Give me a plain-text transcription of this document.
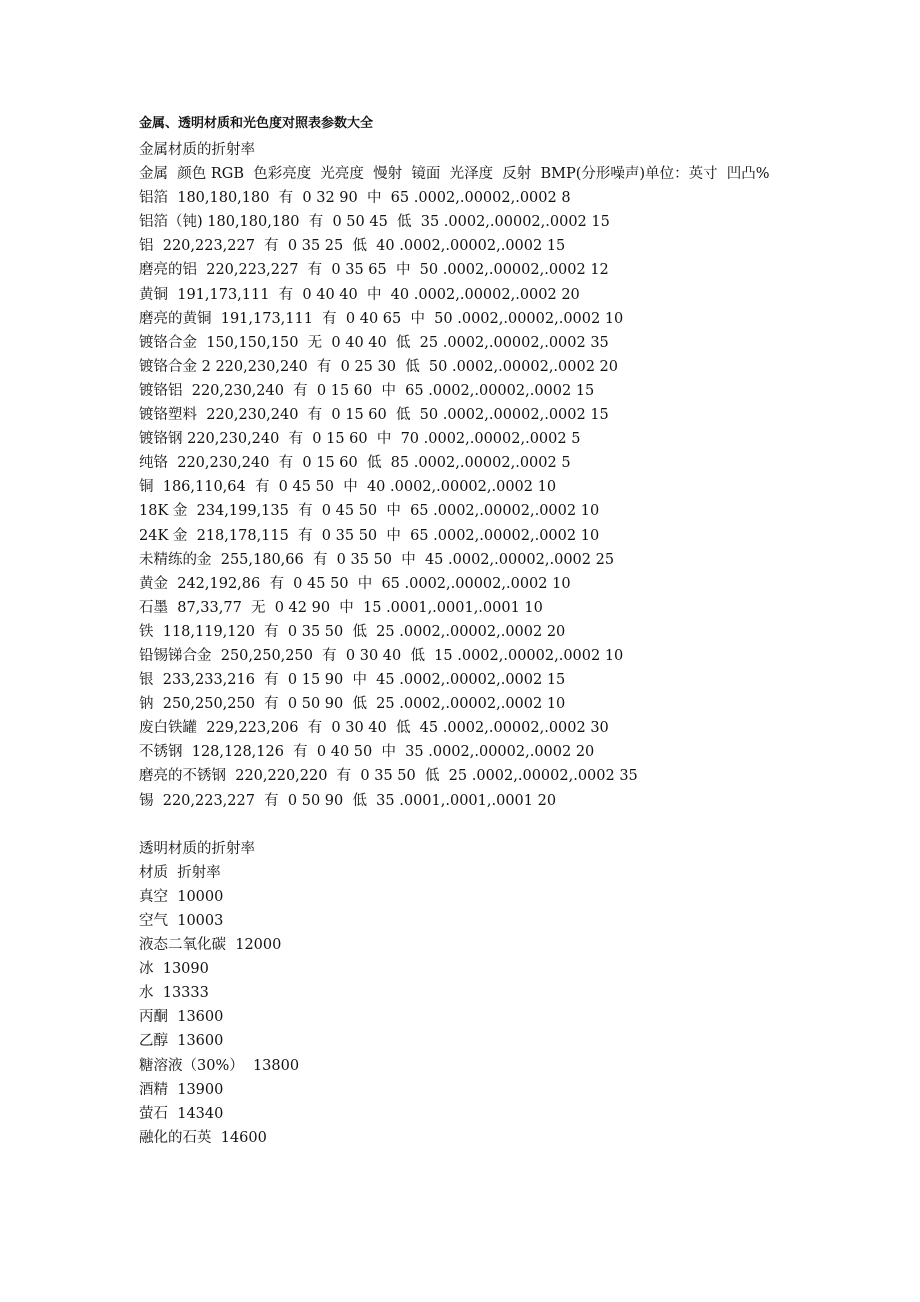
金属、透明材质和光色度对照表参数大全
金属材质的折射率
金属  颜色 RGB  色彩亮度  光亮度  慢射  镜面  光泽度  反射  BMP(分形噪声)单位：英寸  凹凸%
铝箔  180,180,180  有  0 32 90  中  65 .0002,.00002,.0002 8
铝箔（钝) 180,180,180  有  0 50 45  低  35 .0002,.00002,.0002 15
铝  220,223,227  有  0 35 25  低  40 .0002,.00002,.0002 15
磨亮的铝  220,223,227  有  0 35 65  中  50 .0002,.00002,.0002 12
黄铜  191,173,111  有  0 40 40  中  40 .0002,.00002,.0002 20
磨亮的黄铜  191,173,111  有  0 40 65  中  50 .0002,.00002,.0002 10
镀铬合金  150,150,150  无  0 40 40  低  25 .0002,.00002,.0002 35
镀铬合金 2 220,230,240  有  0 25 30  低  50 .0002,.00002,.0002 20
镀铬铝  220,230,240  有  0 15 60  中  65 .0002,.00002,.0002 15
镀铬塑料  220,230,240  有  0 15 60  低  50 .0002,.00002,.0002 15
镀铬钢 220,230,240  有  0 15 60  中  70 .0002,.00002,.0002 5
纯铬  220,230,240  有  0 15 60  低  85 .0002,.00002,.0002 5
铜  186,110,64  有  0 45 50  中  40 .0002,.00002,.0002 10
18K 金  234,199,135  有  0 45 50  中  65 .0002,.00002,.0002 10
24K 金  218,178,115  有  0 35 50  中  65 .0002,.00002,.0002 10
未精练的金  255,180,66  有  0 35 50  中  45 .0002,.00002,.0002 25
黄金  242,192,86  有  0 45 50  中  65 .0002,.00002,.0002 10
石墨  87,33,77  无  0 42 90  中  15 .0001,.0001,.0001 10
铁  118,119,120  有  0 35 50  低  25 .0002,.00002,.0002 20
铅锡锑合金  250,250,250  有  0 30 40  低  15 .0002,.00002,.0002 10
银  233,233,216  有  0 15 90  中  45 .0002,.00002,.0002 15
钠  250,250,250  有  0 50 90  低  25 .0002,.00002,.0002 10
废白铁罐  229,223,206  有  0 30 40  低  45 .0002,.00002,.0002 30
不锈钢  128,128,126  有  0 40 50  中  35 .0002,.00002,.0002 20
磨亮的不锈钢  220,220,220  有  0 35 50  低  25 .0002,.00002,.0002 35
锡  220,223,227  有  0 50 90  低  35 .0001,.0001,.0001 20
透明材质的折射率
材质  折射率
真空  10000
空气  10003
液态二氧化碳  12000
冰  13090
水  13333
丙酮  13600
乙醇  13600
糖溶液（30%）  13800
酒精  13900
萤石  14340
融化的石英  14600
